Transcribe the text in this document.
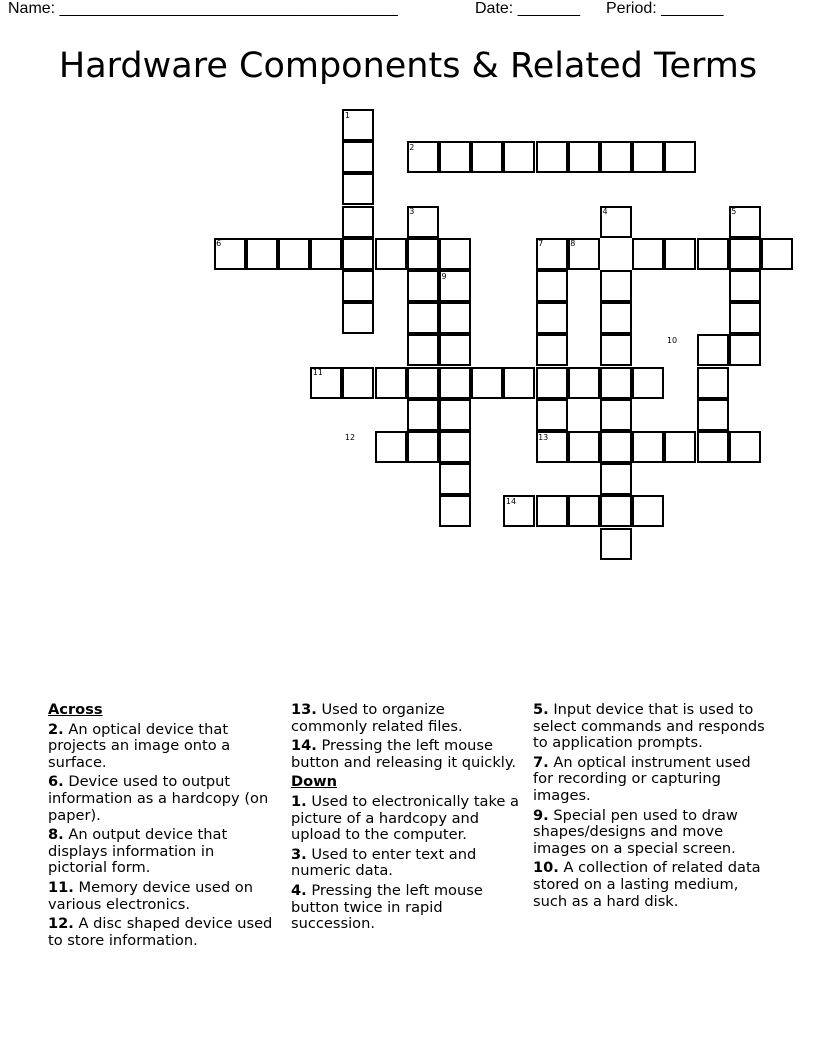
Name: ______________________________________	Date: _______ Period: _______
Hardware Components & Related Terms
1
2
3	4	5
6	7	8
9
10
11
12	13
14
Across
2. An optical device that projects an image onto a surface.
6. Device used to output information as a hardcopy (on paper).
8. An output device that displays information in pictorial form.
11. Memory device used on various electronics.
12. A disc shaped device used to store information.
13. Used to organize commonly related files.
14. Pressing the left mouse button and releasing it quickly.
Down
1. Used to electronically take a picture of a hardcopy and upload to the computer.
3. Used to enter text and numeric data.
4. Pressing the left mouse button twice in rapid succession.
5. Input device that is used to select commands and responds to application prompts.
7. An optical instrument used for recording or capturing images.
9. Special pen used to draw shapes/designs and move images on a special screen.
10. A collection of related data stored on a lasting medium, such as a hard disk.
